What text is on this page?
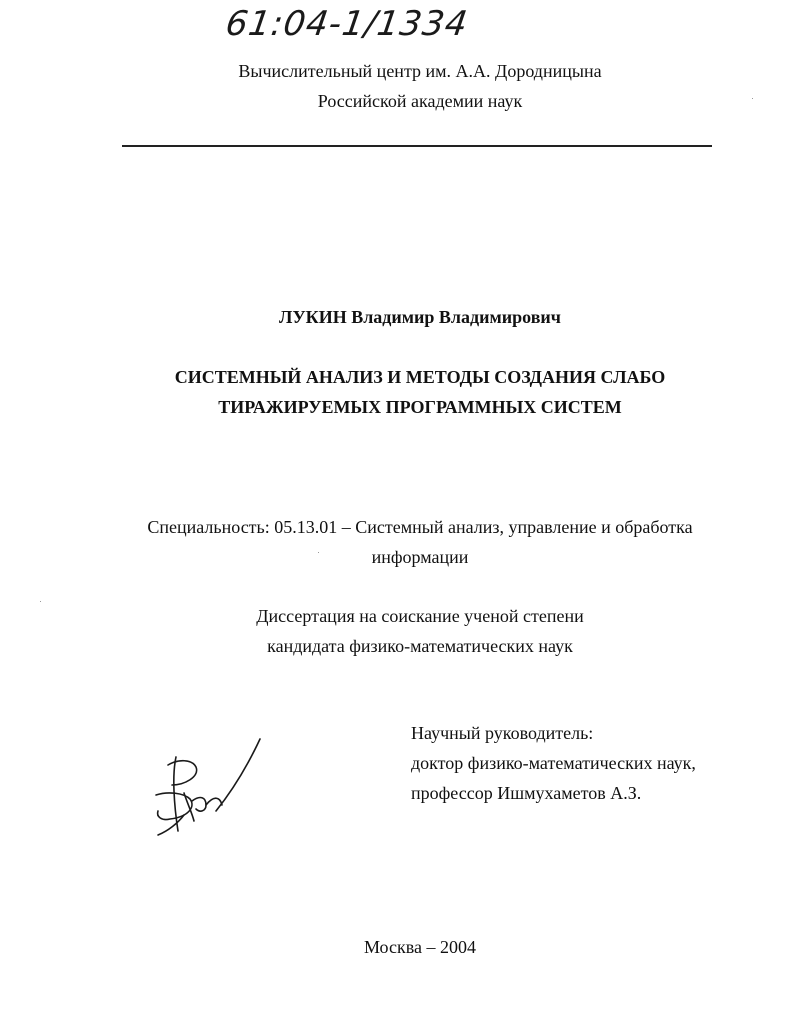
61:04-1/1334
Вычислительный центр им. А.А. Дородницына
Российской академии наук
ЛУКИН Владимир Владимирович
СИСТЕМНЫЙ АНАЛИЗ И МЕТОДЫ СОЗДАНИЯ СЛАБО
ТИРАЖИРУЕМЫХ ПРОГРАММНЫХ СИСТЕМ
Специальность: 05.13.01 – Системный анализ, управление и обработка
информации
Диссертация на соискание ученой степени
кандидата физико-математических наук
Научный руководитель:
доктор физико-математических наук,
профессор Ишмухаметов А.З.
Москва – 2004
